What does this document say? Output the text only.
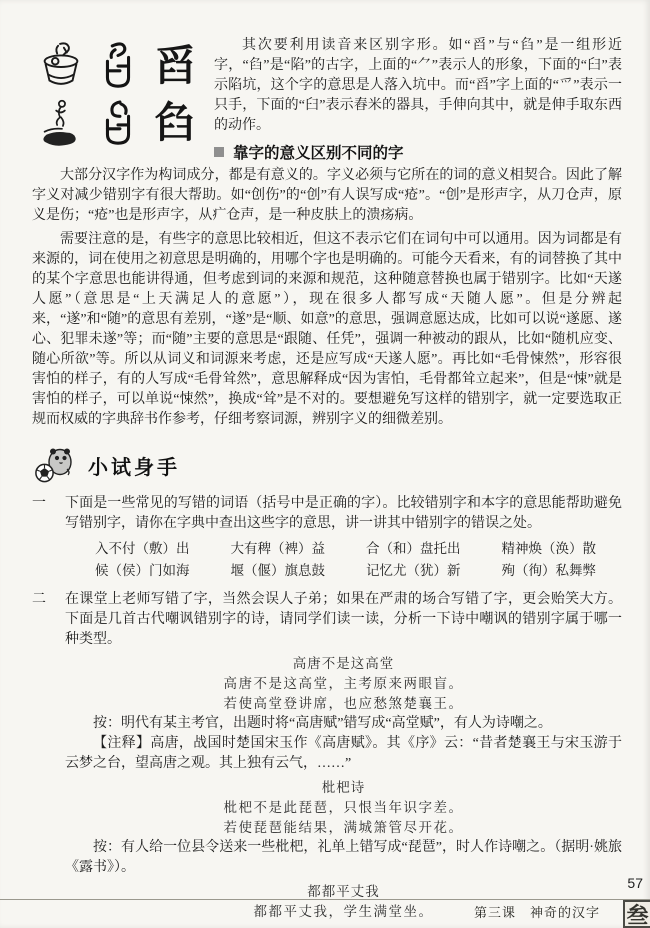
舀
臽

其次要利用读音来区别字形。如“舀”与“臽”是一组形近字，“臽”是“陷”的古字，上面的“⺈”表示人的形象，下面的“臼”表示陷坑，这个字的意思是人落入坑中。而“舀”字上面的“爫”表示一只手，下面的“臼”表示舂米的器具，手伸向其中，就是伸手取东西的动作。

靠字的意义区别不同的字

大部分汉字作为构词成分，都是有意义的。字义必须与它所在的词的意义相契合。因此了解字义对减少错别字有很大帮助。如“创伤”的“创”有人误写成“疮”。“创”是形声字，从刀仓声，原义是伤；“疮”也是形声字，从疒仓声，是一种皮肤上的溃疡病。

需要注意的是，有些字的意思比较相近，但这不表示它们在词句中可以通用。因为词都是有来源的，词在使用之初意思是明确的，用哪个字也是明确的。可能今天看来，有的词替换了其中的某个字意思也能讲得通，但考虑到词的来源和规范，这种随意替换也属于错别字。比如“天遂人愿”（意思是“上天满足人的意愿”），现在很多人都写成“天随人愿”。但是分辨起来，“遂”和“随”的意思有差别，“遂”是“顺、如意”的意思，强调意愿达成，比如可以说“遂愿、遂心、犯罪未遂”等；而“随”主要的意思是“跟随、任凭”，强调一种被动的跟从，比如“随机应变、随心所欲”等。所以从词义和词源来考虑，还是应写成“天遂人愿”。再比如“毛骨悚然”，形容很害怕的样子，有的人写成“毛骨耸然”，意思解释成“因为害怕，毛骨都耸立起来”，但是“悚”就是害怕的样子，可以单说“悚然”，换成“耸”是不对的。要想避免写这样的错别字，就一定要选取正规而权威的字典辞书作参考，仔细考察词源，辨别字义的细微差别。

小试身手
一	下面是一些常见的写错的词语（括号中是正确的字）。比较错别字和本字的意思能帮助避免写错别字，请你在字典中查出这些字的意思，讲一讲其中错别字的错误之处。

入不付（敷）出	大有稗（裨）益	合（和）盘托出	精神焕（涣）散
候（侯）门如海	堰（偃）旗息鼓	记忆尤（犹）新	殉（徇）私舞弊
二	在课堂上老师写错了字，当然会误人子弟；如果在严肃的场合写错了字，更会贻笑大方。下面是几首古代嘲讽错别字的诗，请同学们读一读，分析一下诗中嘲讽的错别字属于哪一种类型。

高唐不是这高堂
高唐不是这高堂，主考原来两眼盲。
若使高堂登讲席，也应愁煞楚襄王。

按：明代有某主考官，出题时将“高唐赋”错写成“高堂赋”，有人为诗嘲之。

【注释】高唐，战国时楚国宋玉作《高唐赋》。其《序》云：“昔者楚襄王与宋玉游于云梦之台，望高唐之观。其上独有云气，……”

枇杷诗
枇杷不是此琵琶，只恨当年识字差。
若使琵琶能结果，满城箫管尽开花。

按：有人给一位县令送来一些枇杷，礼单上错写成“琵琶”，时人作诗嘲之。（据明·姚旅《露书》）。

都都平丈我
都都平丈我，学生满堂坐。
57
第三课 神奇的汉字 叁
